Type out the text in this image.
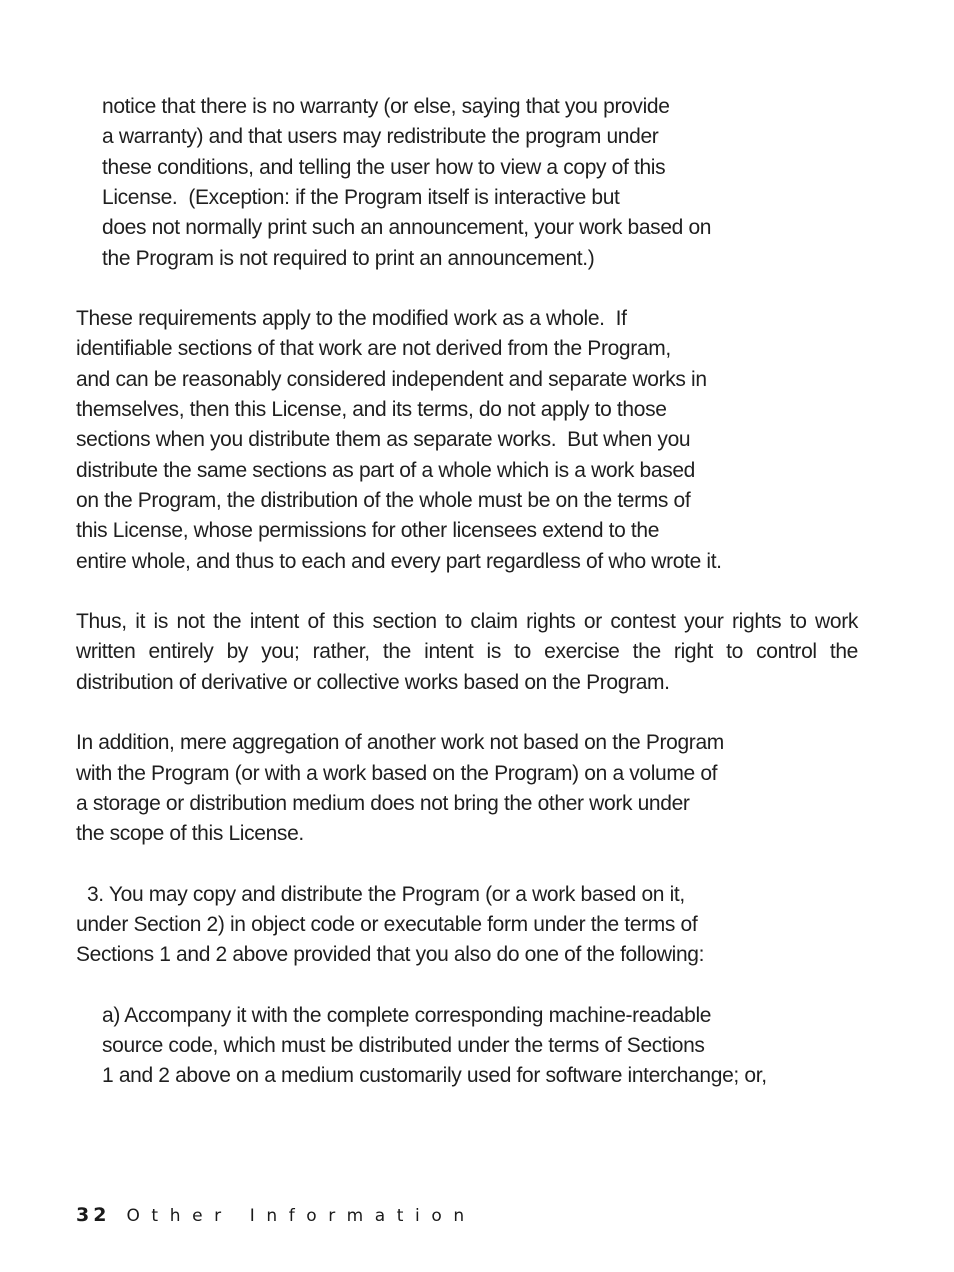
notice that there is no warranty (or else, saying that you provide
a warranty) and that users may redistribute the program under
these conditions, and telling the user how to view a copy of this
License.  (Exception: if the Program itself is interactive but
does not normally print such an announcement, your work based on
the Program is not required to print an announcement.)
These requirements apply to the modified work as a whole.  If
identifiable sections of that work are not derived from the Program,
and can be reasonably considered independent and separate works in
themselves, then this License, and its terms, do not apply to those
sections when you distribute them as separate works.  But when you
distribute the same sections as part of a whole which is a work based
on the Program, the distribution of the whole must be on the terms of
this License, whose permissions for other licensees extend to the
entire whole, and thus to each and every part regardless of who wrote it.
Thus, it is not the intent of this section to claim rights or contest your rights to work
written entirely by you; rather, the intent is to exercise the right to control the
distribution of derivative or collective works based on the Program.
In addition, mere aggregation of another work not based on the Program
with the Program (or with a work based on the Program) on a volume of
a storage or distribution medium does not bring the other work under
the scope of this License.
3. You may copy and distribute the Program (or a work based on it,
under Section 2) in object code or executable form under the terms of
Sections 1 and 2 above provided that you also do one of the following:
a) Accompany it with the complete corresponding machine-readable
source code, which must be distributed under the terms of Sections
1 and 2 above on a medium customarily used for software interchange; or,
32 Other Information
